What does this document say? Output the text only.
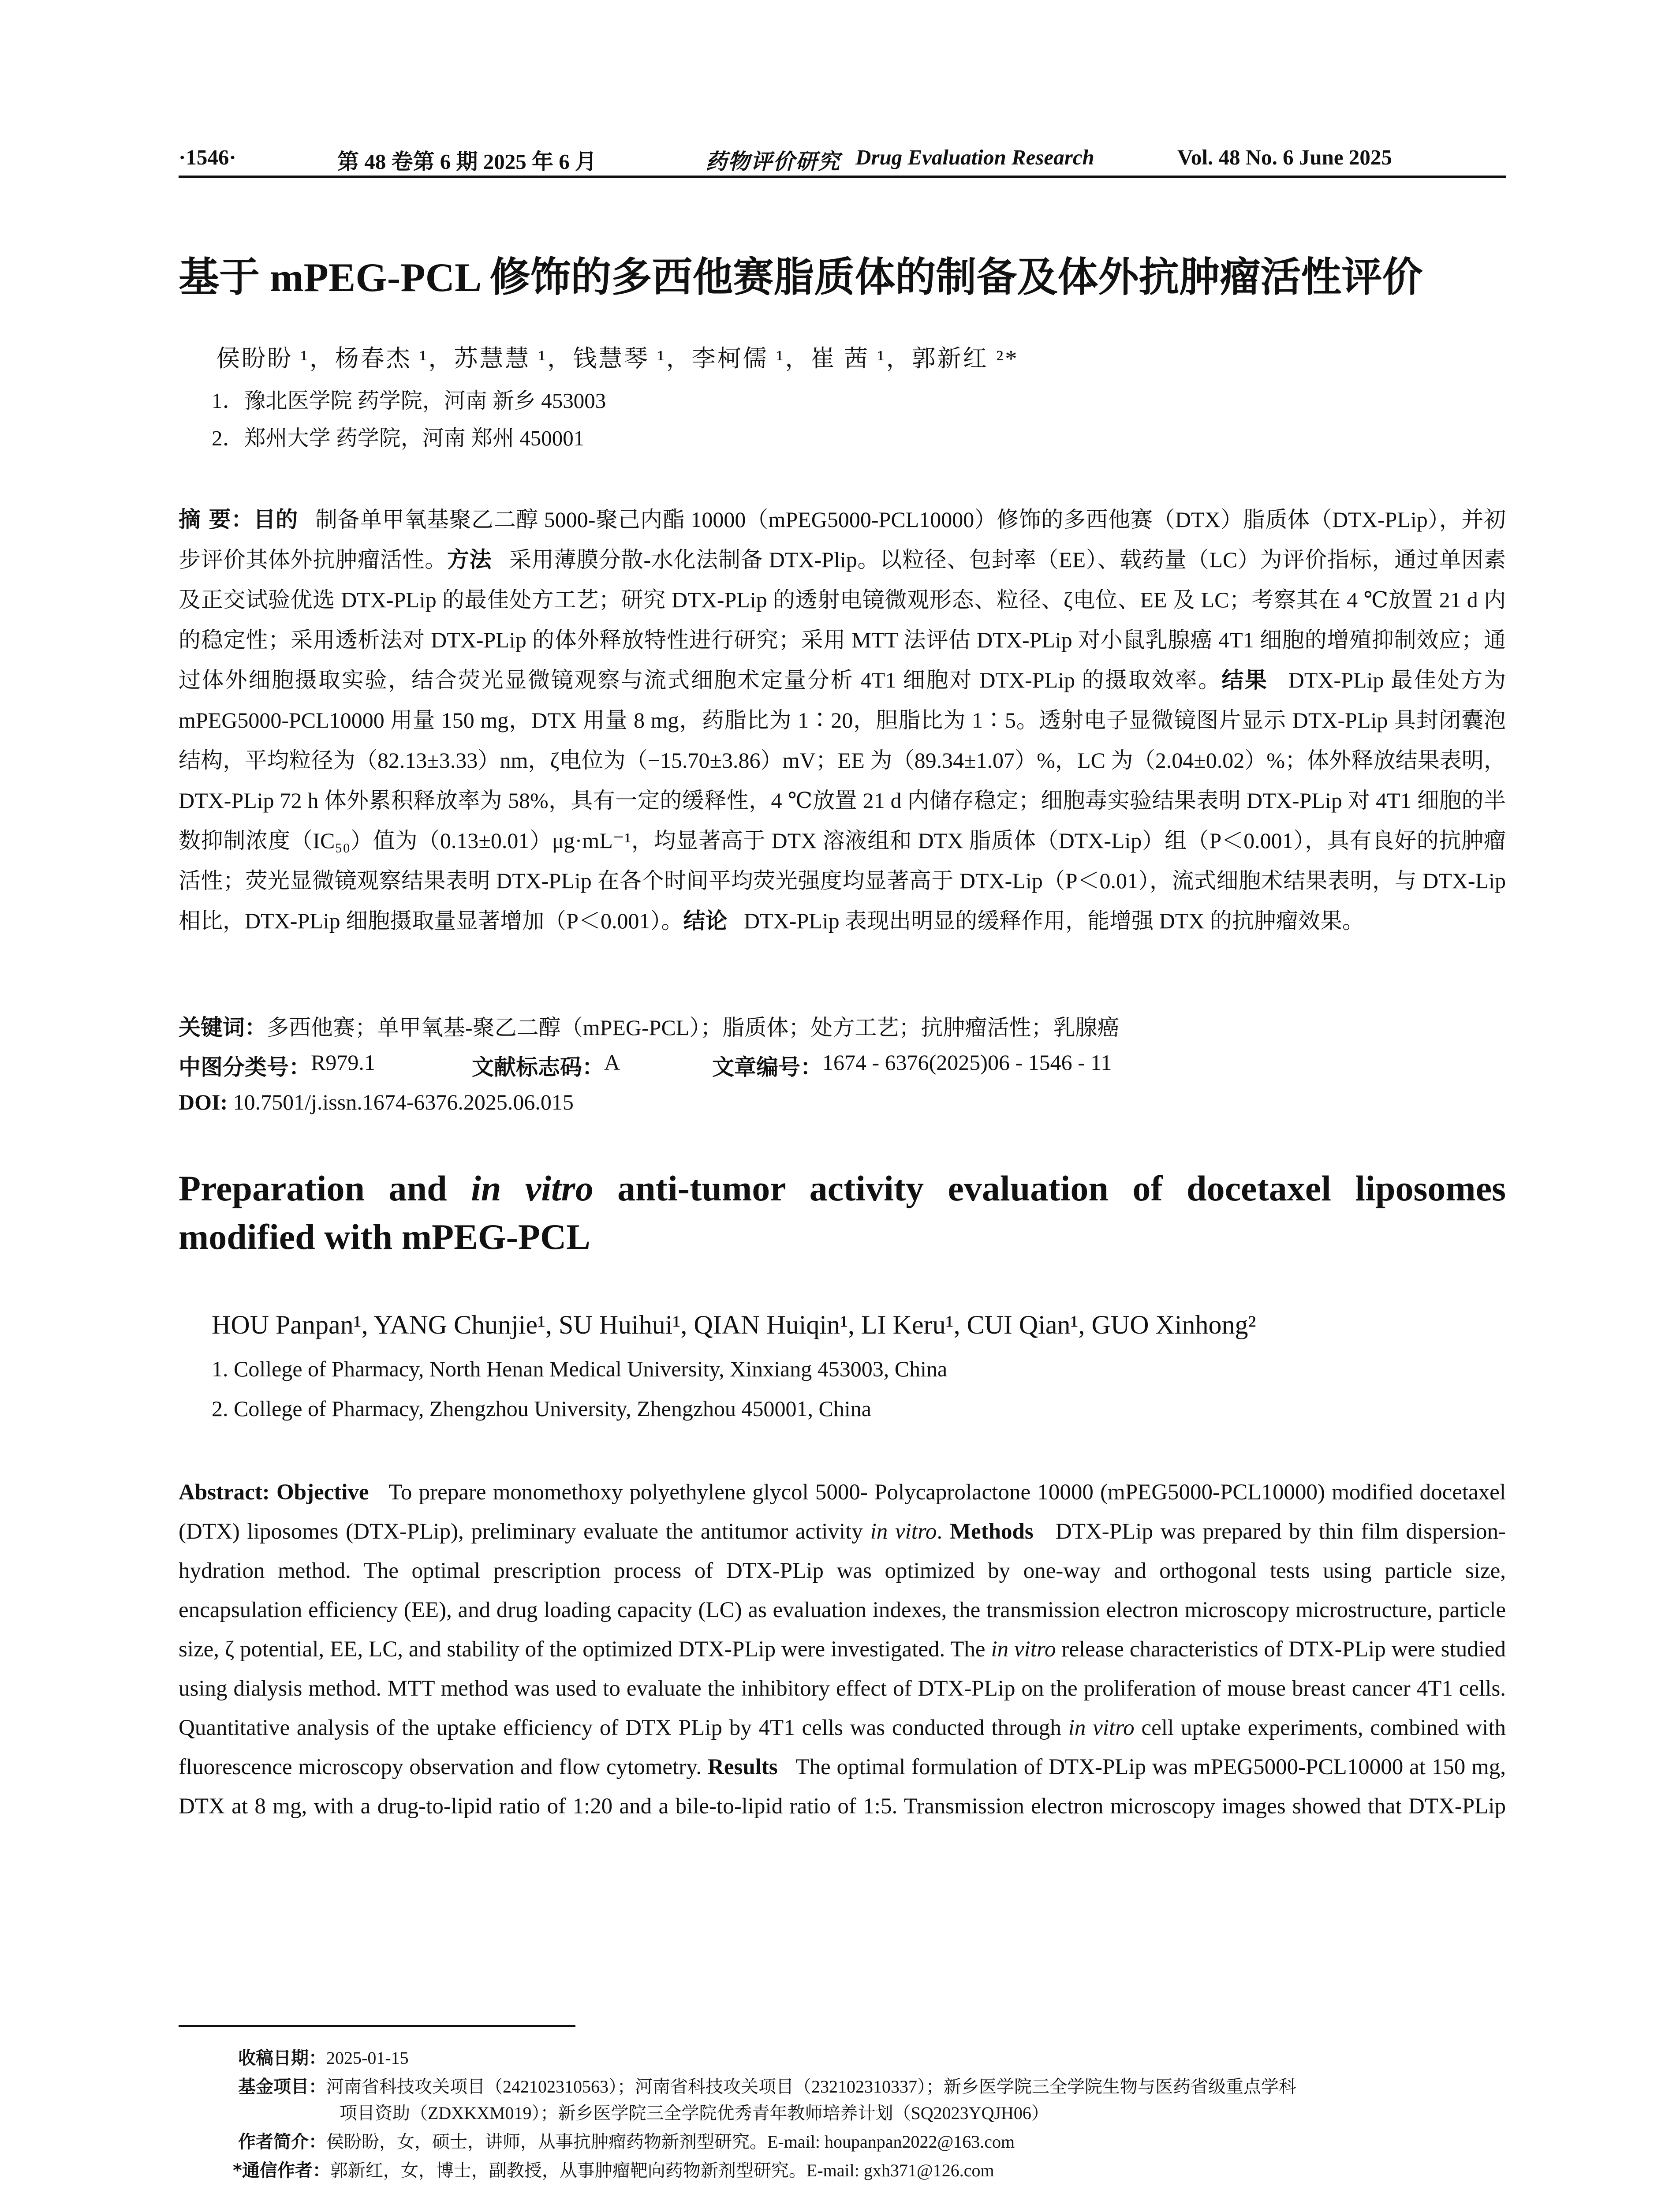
·1546·	第 48 卷第 6 期 2025 年 6 月	药物评价研究 Drug Evaluation Research	Vol. 48 No. 6 June 2025
基于 mPEG-PCL 修饰的多西他赛脂质体的制备及体外抗肿瘤活性评价
侯盼盼 ¹，杨春杰 ¹，苏慧慧 ¹，钱慧琴 ¹，李柯儒 ¹，崔 茜 ¹，郭新红 ²*
1．豫北医学院 药学院，河南 新乡 453003
2．郑州大学 药学院，河南 郑州 450001
摘 要：目的 制备单甲氧基聚乙二醇 5000-聚己内酯 10000（mPEG5000-PCL10000）修饰的多西他赛（DTX）脂质体（DTX-PLip），并初步评价其体外抗肿瘤活性。方法 采用薄膜分散-水化法制备 DTX-Plip。以粒径、包封率（EE）、载药量（LC）为评价指标，通过单因素及正交试验优选 DTX-PLip 的最佳处方工艺；研究 DTX-PLip 的透射电镜微观形态、粒径、ζ电位、EE 及 LC；考察其在 4 ℃放置 21 d 内的稳定性；采用透析法对 DTX-PLip 的体外释放特性进行研究；采用 MTT 法评估 DTX-PLip 对小鼠乳腺癌 4T1 细胞的增殖抑制效应；通过体外细胞摄取实验，结合荧光显微镜观察与流式细胞术定量分析 4T1 细胞对 DTX-PLip 的摄取效率。结果 DTX-PLip 最佳处方为 mPEG5000-PCL10000 用量 150 mg，DTX 用量 8 mg，药脂比为 1∶20，胆脂比为 1∶5。透射电子显微镜图片显示 DTX-PLip 具封闭囊泡结构，平均粒径为（82.13±3.33）nm，ζ电位为（−15.70±3.86）mV；EE 为（89.34±1.07）%，LC 为（2.04±0.02）%；体外释放结果表明，DTX-PLip 72 h 体外累积释放率为 58%，具有一定的缓释性，4 ℃放置 21 d 内储存稳定；细胞毒实验结果表明 DTX-PLip 对 4T1 细胞的半数抑制浓度（IC₅₀）值为（0.13±0.01）μg·mL⁻¹，均显著高于 DTX 溶液组和 DTX 脂质体（DTX-Lip）组（P＜0.001），具有良好的抗肿瘤活性；荧光显微镜观察结果表明 DTX-PLip 在各个时间平均荧光强度均显著高于 DTX-Lip（P＜0.01），流式细胞术结果表明，与 DTX-Lip 相比，DTX-PLip 细胞摄取量显著增加（P＜0.001）。结论 DTX-PLip 表现出明显的缓释作用，能增强 DTX 的抗肿瘤效果。
关键词：多西他赛；单甲氧基-聚乙二醇（mPEG-PCL）；脂质体；处方工艺；抗肿瘤活性；乳腺癌
中图分类号： R979.1	文献标志码： A	文章编号： 1674 - 6376(2025)06 - 1546 - 11
DOI: 10.7501/j.issn.1674-6376.2025.06.015
Preparation and in vitro anti-tumor activity evaluation of docetaxel liposomes modified with mPEG-PCL
HOU Panpan¹, YANG Chunjie¹, SU Huihui¹, QIAN Huiqin¹, LI Keru¹, CUI Qian¹, GUO Xinhong²
1. College of Pharmacy, North Henan Medical University, Xinxiang 453003, China
2. College of Pharmacy, Zhengzhou University, Zhengzhou 450001, China
Abstract: Objective To prepare monomethoxy polyethylene glycol 5000- Polycaprolactone 10000 (mPEG5000-PCL10000) modified docetaxel (DTX) liposomes (DTX-PLip), preliminary evaluate the antitumor activity in vitro. Methods DTX-PLip was prepared by thin film dispersion-hydration method. The optimal prescription process of DTX-PLip was optimized by one-way and orthogonal tests using particle size, encapsulation efficiency (EE), and drug loading capacity (LC) as evaluation indexes, the transmission electron microscopy microstructure, particle size, ζ potential, EE, LC, and stability of the optimized DTX-PLip were investigated. The in vitro release characteristics of DTX-PLip were studied using dialysis method. MTT method was used to evaluate the inhibitory effect of DTX-PLip on the proliferation of mouse breast cancer 4T1 cells. Quantitative analysis of the uptake efficiency of DTX PLip by 4T1 cells was conducted through in vitro cell uptake experiments, combined with fluorescence microscopy observation and flow cytometry. Results The optimal formulation of DTX-PLip was mPEG5000-PCL10000 at 150 mg, DTX at 8 mg, with a drug-to-lipid ratio of 1:20 and a bile-to-lipid ratio of 1:5. Transmission electron microscopy images showed that DTX-PLip
收稿日期：2025-01-15
基金项目：河南省科技攻关项目（242102310563）；河南省科技攻关项目（232102310337）；新乡医学院三全学院生物与医药省级重点学科
项目资助（ZDXKXM019）；新乡医学院三全学院优秀青年教师培养计划（SQ2023YQJH06）
作者简介：侯盼盼，女，硕士，讲师，从事抗肿瘤药物新剂型研究。E-mail: houpanpan2022@163.com
*通信作者：郭新红，女，博士，副教授，从事肿瘤靶向药物新剂型研究。E-mail: gxh371@126.com
